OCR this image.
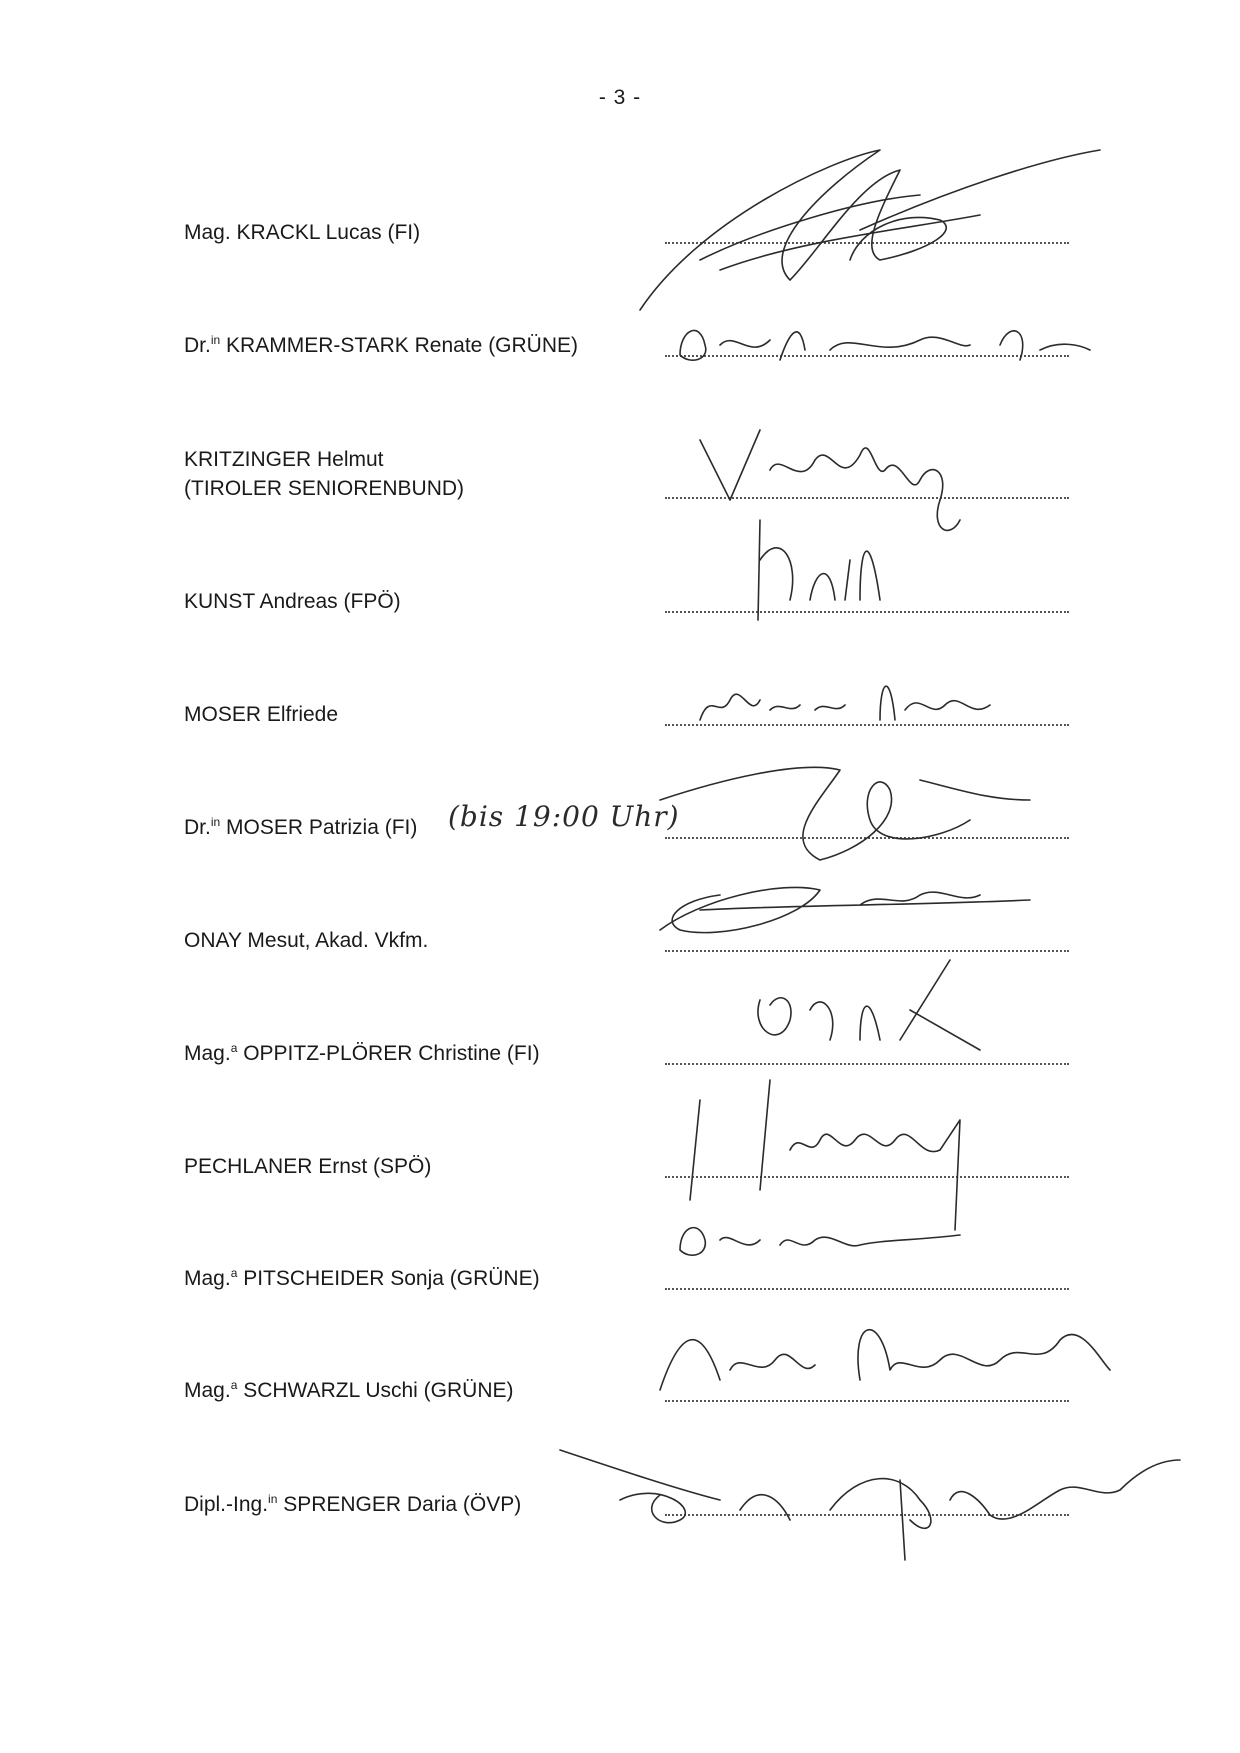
- 3 -
Mag. KRACKL Lucas (FI)
Dr.$^{in}$ KRAMMER-STARK Renate (GRÜNE)
KRITZINGER Helmut
(TIROLER SENIORENBUND)
KUNST Andreas (FPÖ)
MOSER Elfriede
Dr.$^{in}$ MOSER Patrizia (FI)
ONAY Mesut, Akad. Vkfm.
Mag.$^a$ OPPITZ-PLÖRER Christine (FI)
PECHLANER Ernst (SPÖ)
Mag.$^a$ PITSCHEIDER Sonja (GRÜNE)
Mag.$^a$ SCHWARZL Uschi (GRÜNE)
Dipl.-Ing.$^{in}$ SPRENGER Daria (ÖVP)
(bis 19:00 Uhr)
